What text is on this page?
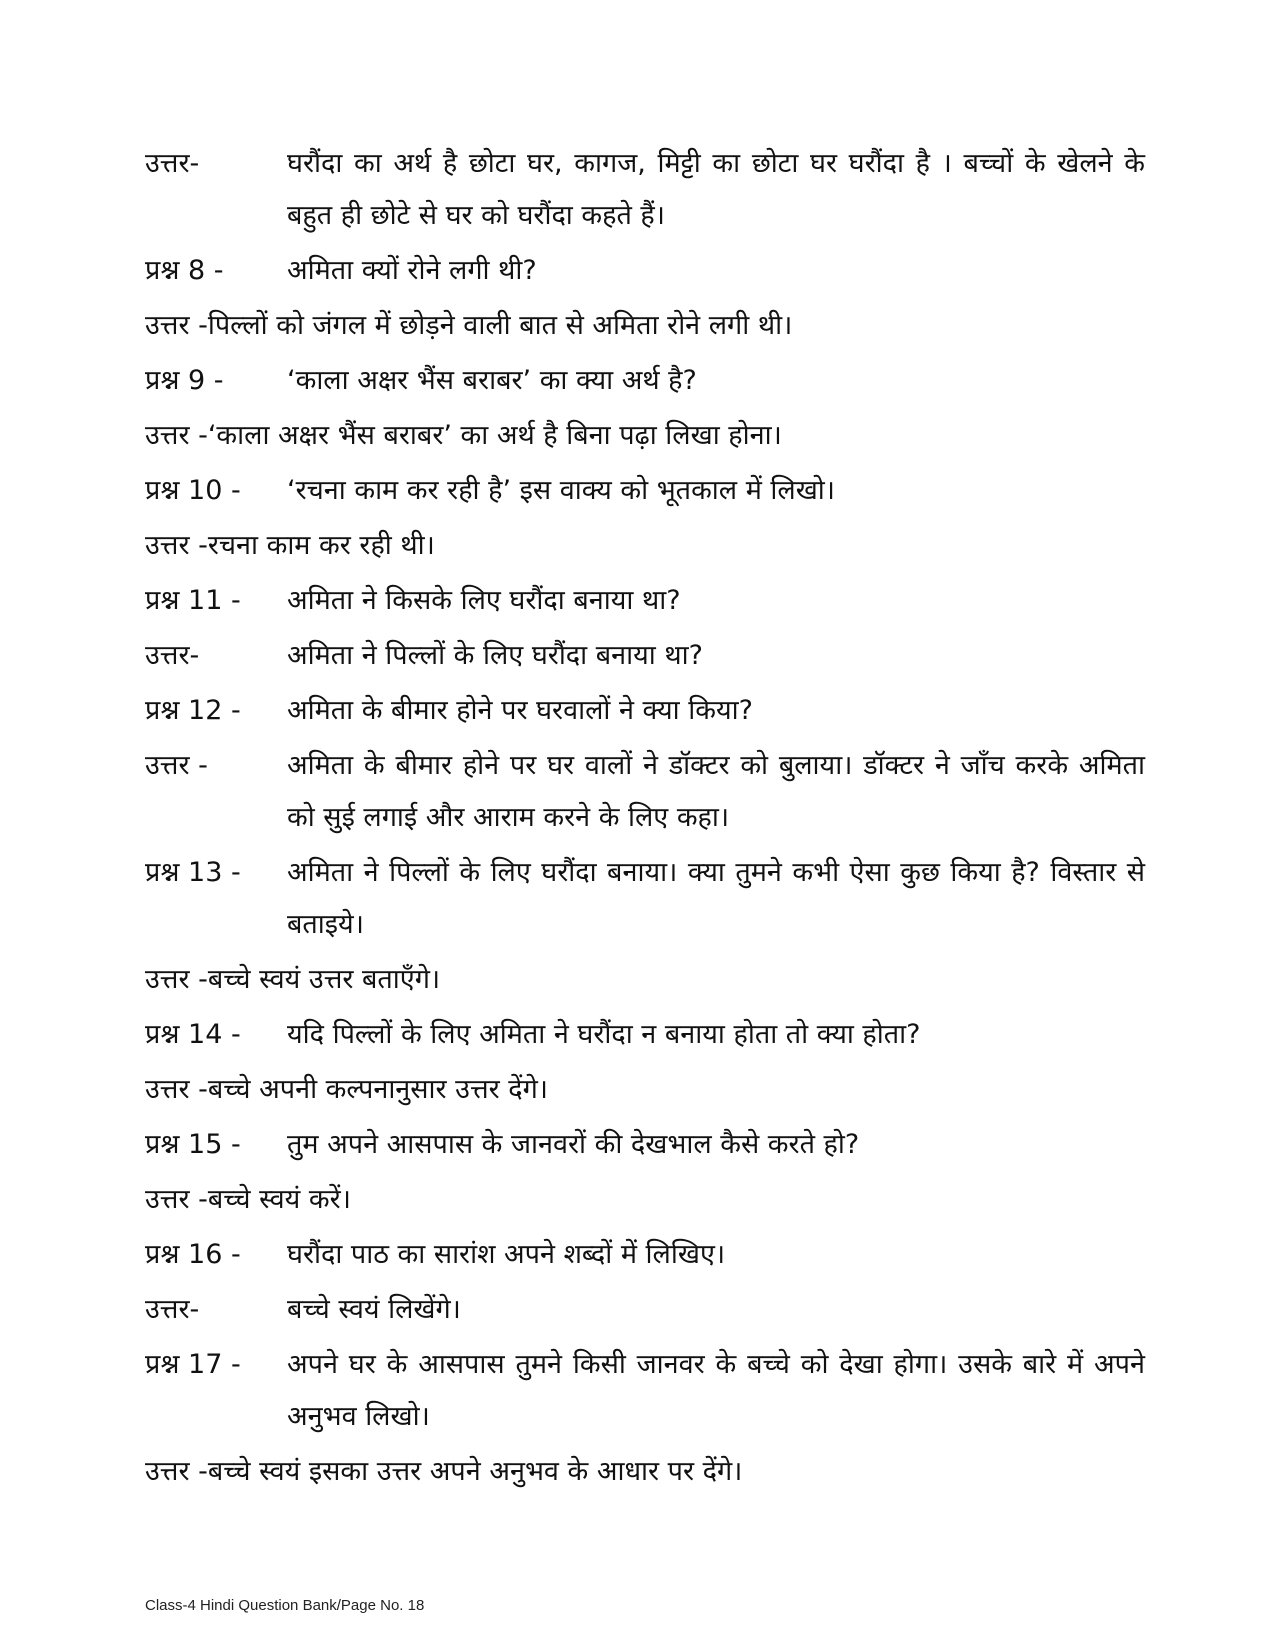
उत्तर-	घरौंदा का अर्थ है छोटा घर, कागज, मिट्टी का छोटा घर घरौंदा है । बच्चों के खेलने के बहुत ही छोटे से घर को घरौंदा कहते हैं।
प्रश्न 8 -	अमिता क्यों रोने लगी थी?
उत्तर - पिल्लों को जंगल में छोड़ने वाली बात से अमिता रोने लगी थी।
प्रश्न 9 -	‘काला अक्षर भैंस बराबर’ का क्या अर्थ है?
उत्तर - ‘काला अक्षर भैंस बराबर’ का अर्थ है बिना पढ़ा लिखा होना।
प्रश्न 10 -	‘रचना काम कर रही है’ इस वाक्य को भूतकाल में लिखो।
उत्तर - रचना काम कर रही थी।
प्रश्न 11 -	अमिता ने किसके लिए घरौंदा बनाया था?
उत्तर-	अमिता ने पिल्लों के लिए घरौंदा बनाया था?
प्रश्न 12 -	अमिता के बीमार होने पर घरवालों ने क्या किया?
उत्तर -	अमिता के बीमार होने पर घर वालों ने डॉक्टर को बुलाया। डॉक्टर ने जाँच करके अमिता को सुई लगाई और आराम करने के लिए कहा।
प्रश्न 13 -	अमिता ने पिल्लों के लिए घरौंदा बनाया। क्या तुमने कभी ऐसा कुछ किया है? विस्तार से बताइये।
उत्तर - बच्चे स्वयं उत्तर बताएँगे।
प्रश्न 14 -	यदि पिल्लों के लिए अमिता ने घरौंदा न बनाया होता तो क्या होता?
उत्तर - बच्चे अपनी कल्पनानुसार उत्तर देंगे।
प्रश्न 15 -	तुम अपने आसपास के जानवरों की देखभाल कैसे करते हो?
उत्तर - बच्चे स्वयं करें।
प्रश्न 16 -	घरौंदा पाठ का सारांश अपने शब्दों में लिखिए।
उत्तर-	बच्चे स्वयं लिखेंगे।
प्रश्न 17 -	अपने घर के आसपास तुमने किसी जानवर के बच्चे को देखा होगा। उसके बारे में अपने अनुभव लिखो।
उत्तर - बच्चे स्वयं इसका उत्तर अपने अनुभव के आधार पर देंगे।
Class-4 Hindi Question Bank/Page No. 18
